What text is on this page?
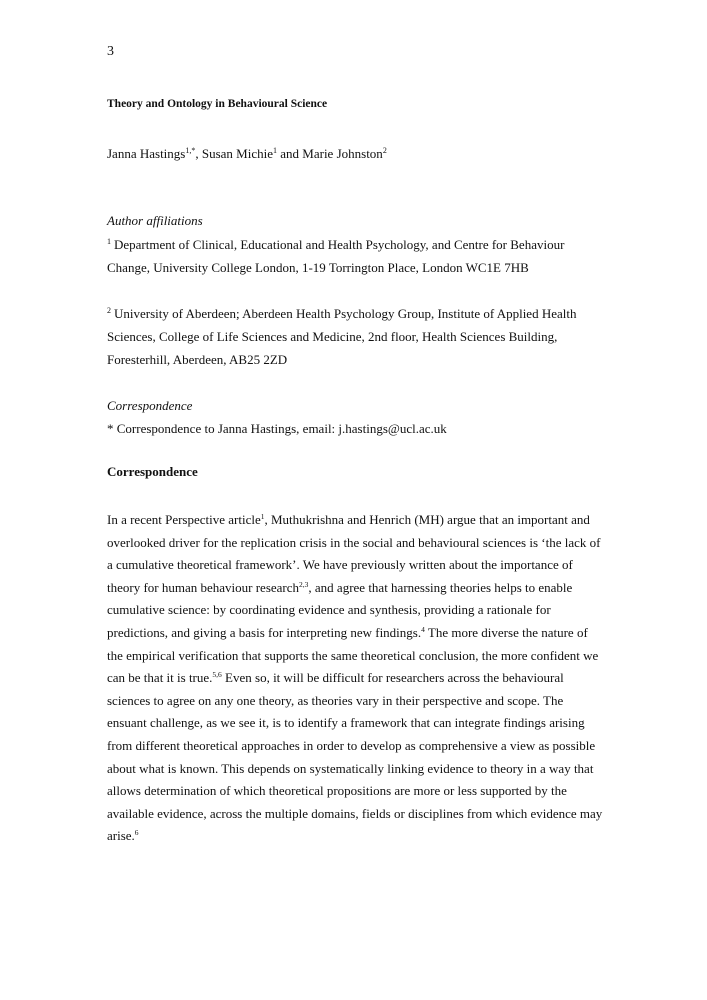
3
Theory and Ontology in Behavioural Science
Janna Hastings$^{1,*}$, Susan Michie$^1$ and Marie Johnston$^2$
Author affiliations
$^1$ Department of Clinical, Educational and Health Psychology, and Centre for Behaviour Change, University College London, 1-19 Torrington Place, London WC1E 7HB
$^2$ University of Aberdeen; Aberdeen Health Psychology Group, Institute of Applied Health Sciences, College of Life Sciences and Medicine, 2nd floor, Health Sciences Building, Foresterhill, Aberdeen, AB25 2ZD
Correspondence
* Correspondence to Janna Hastings, email: j.hastings@ucl.ac.uk
Correspondence
In a recent Perspective article$^1$, Muthukrishna and Henrich (MH) argue that an important and overlooked driver for the replication crisis in the social and behavioural sciences is ‘the lack of a cumulative theoretical framework’. We have previously written about the importance of theory for human behaviour research$^{2,3}$, and agree that harnessing theories helps to enable cumulative science: by coordinating evidence and synthesis, providing a rationale for predictions, and giving a basis for interpreting new findings.$^4$ The more diverse the nature of the empirical verification that supports the same theoretical conclusion, the more confident we can be that it is true.$^{5,6}$ Even so, it will be difficult for researchers across the behavioural sciences to agree on any one theory, as theories vary in their perspective and scope. The ensuant challenge, as we see it, is to identify a framework that can integrate findings arising from different theoretical approaches in order to develop as comprehensive a view as possible about what is known. This depends on systematically linking evidence to theory in a way that allows determination of which theoretical propositions are more or less supported by the available evidence, across the multiple domains, fields or disciplines from which evidence may arise.$^6$
